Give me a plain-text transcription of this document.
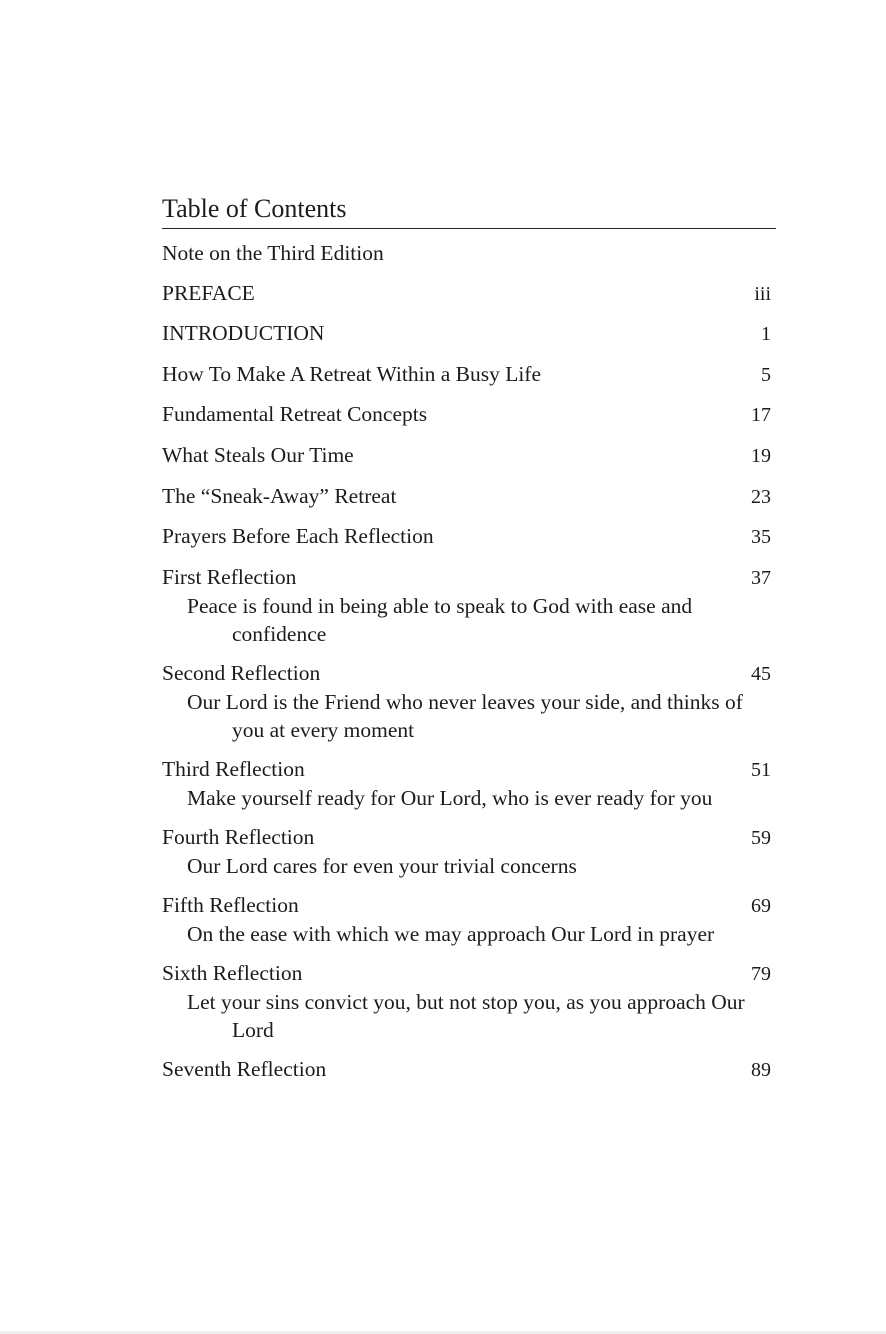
Table of Contents
Note on the Third Edition
PREFACE	iii
INTRODUCTION	1
How To Make A Retreat Within a Busy Life	5
Fundamental Retreat Concepts	17
What Steals Our Time	19
The “Sneak-Away” Retreat	23
Prayers Before Each Reflection	35
First Reflection	37
Peace is found in being able to speak to God with ease and confidence
Second Reflection	45
Our Lord is the Friend who never leaves your side, and thinks of you at every moment
Third Reflection	51
Make yourself ready for Our Lord, who is ever ready for you
Fourth Reflection	59
Our Lord cares for even your trivial concerns
Fifth Reflection	69
On the ease with which we may approach Our Lord in prayer
Sixth Reflection	79
Let your sins convict you, but not stop you, as you approach Our Lord
Seventh Reflection	89
